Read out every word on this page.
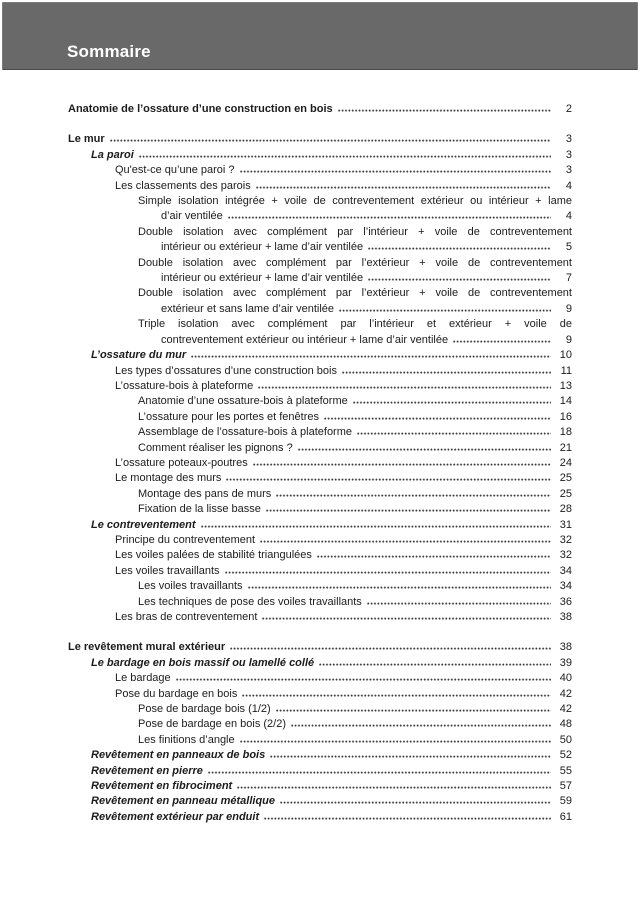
Sommaire
Anatomie de l’ossature d’une construction en bois	2
Le mur	3
La paroi	3
Qu'est-ce qu’une paroi ?	3
Les classements des parois	4
Simple isolation intégrée + voile de contreventement extérieur ou intérieur + lame
d’air ventilée	4
Double isolation avec complément par l’intérieur + voile de contreventement
intérieur ou extérieur + lame d’air ventilée	5
Double isolation avec complément par l’extérieur + voile de contreventement
intérieur ou extérieur + lame d’air ventilée	7
Double isolation avec complément par l’extérieur + voile de contreventement
extérieur et sans lame d’air ventilée	9
Triple isolation avec complément par l’intérieur et extérieur + voile de
contreventement extérieur ou intérieur + lame d’air ventilée	9
L’ossature du mur	10
Les types d’ossatures d’une construction bois	11
L’ossature-bois à plateforme	13
Anatomie d’une ossature-bois à plateforme	14
L’ossature pour les portes et fenêtres	16
Assemblage de l’ossature-bois à plateforme	18
Comment réaliser les pignons ?	21
L’ossature poteaux-poutres	24
Le montage des murs	25
Montage des pans de murs	25
Fixation de la lisse basse	28
Le contreventement	31
Principe du contreventement	32
Les voiles palées de stabilité triangulées	32
Les voiles travaillants	34
Les voiles travaillants	34
Les techniques de pose des voiles travaillants	36
Les bras de contreventement	38
Le revêtement mural extérieur	38
Le bardage en bois massif ou lamellé collé	39
Le bardage	40
Pose du bardage en bois	42
Pose de bardage bois (1/2)	42
Pose de bardage en bois (2/2)	48
Les finitions d’angle	50
Revêtement en panneaux de bois	52
Revêtement en pierre	55
Revêtement en fibrociment	57
Revêtement en panneau métallique	59
Revêtement extérieur par enduit	61
